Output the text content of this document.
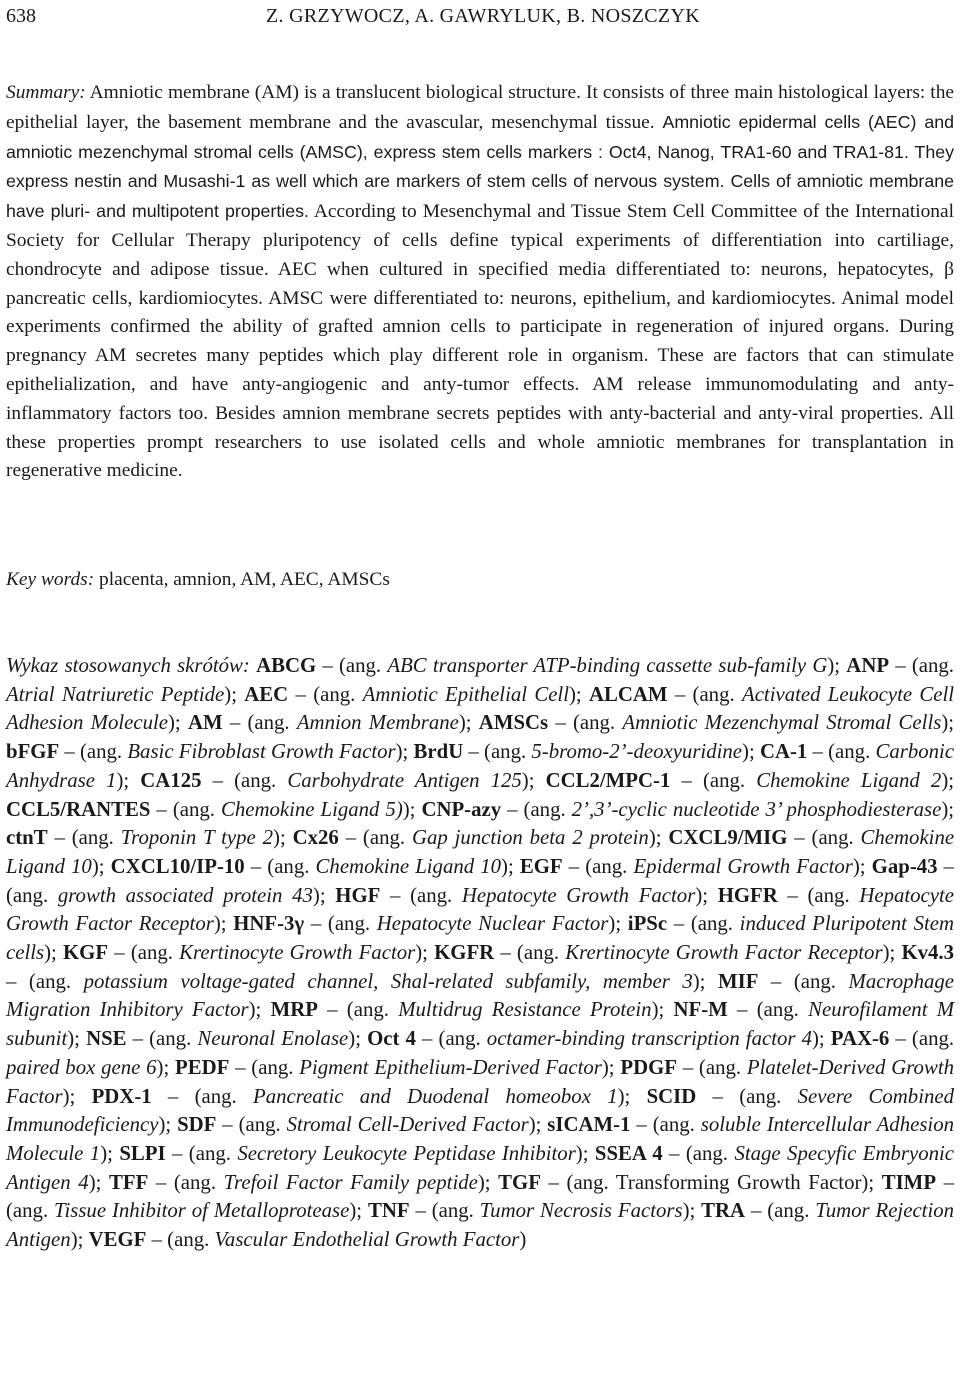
638	Z. GRZYWOCZ, A. GAWRYLUK, B. NOSZCZYK

Summary: Amniotic membrane (AM) is a translucent biological structure. It consists of three main histological layers: the epithelial layer, the basement membrane and the avascular, mesenchymal tissue. Amniotic epidermal cells (AEC) and amniotic mezenchymal stromal cells (AMSC), express stem cells markers : Oct4, Nanog, TRA1-60 and TRA1-81. They express nestin and Musashi-1 as well which are markers of stem cells of nervous system. Cells of amniotic membrane have pluri- and multipotent properties. According to Mesenchymal and Tissue Stem Cell Committee of the International Society for Cellular Therapy pluripotency of cells define typical experiments of differentiation into cartiliage, chondrocyte and adipose tissue. AEC when cultured in specified media differentiated to: neurons, hepatocytes, β pancreatic cells, kardiomiocytes. AMSC were differentiated to: neurons, epithelium, and kardiomiocytes. Animal model experiments confirmed the ability of grafted amnion cells to participate in regeneration of injured organs. During pregnancy AM secretes many peptides which play different role in organism. These are factors that can stimulate epithelialization, and have anty-angiogenic and anty-tumor effects. AM release immunomodulating and anty-inflammatory factors too. Besides amnion membrane secrets peptides with anty-bacterial and anty-viral properties. All these properties prompt researchers to use isolated cells and whole amniotic membranes for transplantation in regenerative medicine.

Key words: placenta, amnion, AM, AEC, AMSCs

Wykaz stosowanych skrótów: ABCG – (ang. ABC transporter ATP-binding cassette sub-family G); ANP – (ang. Atrial Natriuretic Peptide); AEC – (ang. Amniotic Epithelial Cell); ALCAM – (ang. Activated Leukocyte Cell Adhesion Molecule); AM – (ang. Amnion Membrane); AMSCs – (ang. Amniotic Mezenchymal Stromal Cells); bFGF – (ang. Basic Fibroblast Growth Factor); BrdU – (ang. 5-bromo-2’-deoxyuridine); CA-1 – (ang. Carbonic Anhydrase 1); CA125 – (ang. Carbohydrate Antigen 125); CCL2/MPC-1 – (ang. Chemokine Ligand 2); CCL5/RANTES – (ang. Chemokine Ligand 5)); CNP-azy – (ang. 2’,3’-cyclic nucleotide 3’ phosphodiesterase); ctnT – (ang. Troponin T type 2); Cx26 – (ang. Gap junction beta 2 protein); CXCL9/MIG – (ang. Chemokine Ligand 10); CXCL10/IP-10 – (ang. Chemokine Ligand 10); EGF – (ang. Epidermal Growth Factor); Gap-43 – (ang. growth associated protein 43); HGF – (ang. Hepatocyte Growth Factor); HGFR – (ang. Hepatocyte Growth Factor Receptor); HNF-3γ – (ang. Hepatocyte Nuclear Factor); iPSc – (ang. induced Pluripotent Stem cells); KGF – (ang. Krertinocyte Growth Factor); KGFR – (ang. Krertinocyte Growth Factor Receptor); Kv4.3 – (ang. potassium voltage-gated channel, Shal-related subfamily, member 3); MIF – (ang. Macrophage Migration Inhibitory Factor); MRP – (ang. Multidrug Resistance Protein); NF-M – (ang. Neurofilament M subunit); NSE – (ang. Neuronal Enolase); Oct 4 – (ang. octamer-binding transcription factor 4); PAX-6 – (ang. paired box gene 6); PEDF – (ang. Pigment Epithelium-Derived Factor); PDGF – (ang. Platelet-Derived Growth Factor); PDX-1 – (ang. Pancreatic and Duodenal homeobox 1); SCID – (ang. Severe Combined Immunodeficiency); SDF – (ang. Stromal Cell-Derived Factor); sICAM-1 – (ang. soluble Intercellular Adhesion Molecule 1); SLPI – (ang. Secretory Leukocyte Peptidase Inhibitor); SSEA 4 – (ang. Stage Specyfic Embryonic Antigen 4); TFF – (ang. Trefoil Factor Family peptide); TGF – (ang. Transforming Growth Factor); TIMP – (ang. Tissue Inhibitor of Metalloprotease); TNF – (ang. Tumor Necrosis Factors); TRA – (ang. Tumor Rejection Antigen); VEGF – (ang. Vascular Endothelial Growth Factor)
